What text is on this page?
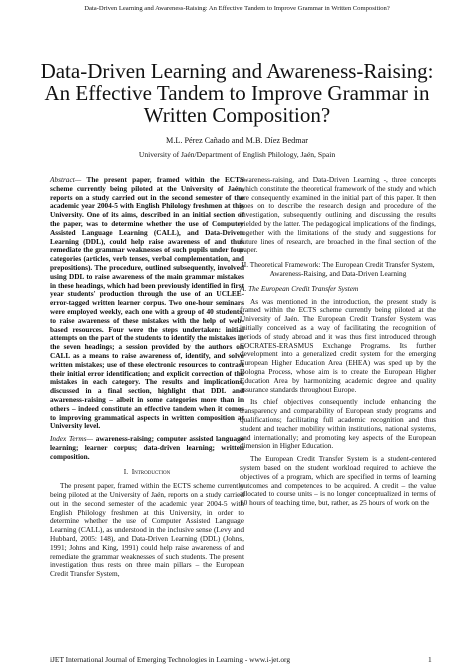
Data-Driven Learning and Awareness-Raising: An Effective Tandem to Improve Grammar in Written Composition?
Data-Driven Learning and Awareness-Raising:
An Effective Tandem to Improve Grammar in
Written Composition?
M.L. Pérez Cañado and M.B. Díez Bedmar
University of Jaén/Department of English Philology, Jaén, Spain

Abstract— The present paper, framed within the ECTS scheme currently being piloted at the University of Jaén, reports on a study carried out in the second semester of the academic year 2004-5 with English Philology freshmen at this University. One of its aims, described in an initial section of the paper, was to determine whether the use of Computer Assisted Language Learning (CALL), and Data-Driven Learning (DDL), could help raise awareness of and thus remediate the grammar weaknesses of such pupils under four categories (articles, verb tenses, verbal complementation, and prepositions). The procedure, outlined subsequently, involved using DDL to raise awareness of the main grammar mistakes in these headings, which had been previously identified in first year students' production through the use of an UCLEE-error-tagged written learner corpus. Two one-hour seminars were employed weekly, each one with a group of 40 students, to raise awareness of these mistakes with the help of web-based resources. Four were the steps undertaken: initial attempts on the part of the students to identify the mistakes in the seven headings; a session provided by the authors on CALL as a means to raise awareness of, identify, and solve written mistakes; use of these electronic resources to contrast their initial error identification; and explicit correction of the mistakes in each category. The results and implications, discussed in a final section, highlight that DDL and awareness-raising – albeit in some categories more than in others – indeed constitute an effective tandem when it comes to improving grammatical aspects in written composition at University level.

Index Terms— awareness-raising; computer assisted language learning; learner corpus; data-driven learning; written composition.

I. Introduction

The present paper, framed within the ECTS scheme currently being piloted at the University of Jaén, reports on a study carried out in the second semester of the academic year 2004-5 with English Philology freshmen at this University, in order to determine whether the use of Computer Assisted Language Learning (CALL), as understood in the inclusive sense (Levy and Hubbard, 2005: 148), and Data-Driven Learning (DDL) (Johns, 1991; Johns and King, 1991) could help raise awareness of and remediate the grammar weaknesses of such students. The present investigation thus rests on three main pillars – the European Credit Transfer System,

awareness-raising, and Data-Driven Learning -, three concepts which constitute the theoretical framework of the study and which are consequently examined in the initial part of this paper. It then goes on to describe the research design and procedure of the investigation, subsequently outlining and discussing the results yielded by the latter. The pedagogical implications of the findings, together with the limitations of the study and suggestions for future lines of research, are broached in the final section of the paper.

II. Theoretical Framework: The European Credit Transfer System, Awareness-Raising, and Data-Driven Learning
A. The European Credit Transfer System

As was mentioned in the introduction, the present study is framed within the ECTS scheme currently being piloted at the University of Jaén. The European Credit Transfer System was initially conceived as a way of facilitating the recognition of periods of study abroad and it was thus first introduced through SOCRATES-ERASMUS Exchange Programs. Its further development into a generalized credit system for the emerging European Higher Education Area (EHEA) was sped up by the Bologna Process, whose aim is to create the European Higher Education Area by harmonizing academic degree and quality assurance standards throughout Europe.

Its chief objectives consequently include enhancing the transparency and comparability of European study programs and qualifications; facilitating full academic recognition and thus student and teacher mobility within institutions, national systems, and internationally; and promoting key aspects of the European dimension in Higher Education.

The European Credit Transfer System is a student-centered system based on the student workload required to achieve the objectives of a program, which are specified in terms of learning outcomes and competences to be acquired. A credit – the value allocated to course units – is no longer conceptualized in terms of 10 hours of teaching time, but, rather, as 25 hours of work on the

iJET International Journal of Emerging Technologies in Learning - www.i-jet.org	1
